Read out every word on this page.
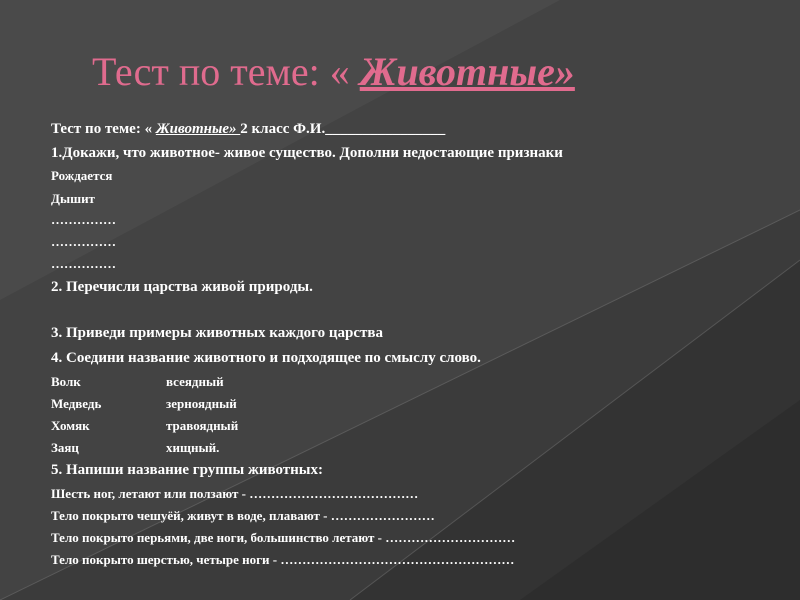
Тест по теме: « Животные»
Тест по теме: « Животные» 2 класс Ф.И.________________
1.Докажи, что животное- живое существо. Дополни недостающие признаки
Рождается
Дышит
……………
……………
……………
2. Перечисли царства живой природы.
3. Приведи примеры животных каждого царства
4. Соедини название животного и подходящее по смыслу слово.
Волк	всеядный
Медведь	зерноядный
Хомяк	травоядный
Заяц	хищный.
5. Напиши название группы животных:
Шесть ног, летают или ползают - …………………………………
Тело покрыто чешуёй, живут в воде, плавают - ……………………
Тело покрыто перьями, две ноги, большинство летают - …………………………
Тело покрыто шерстью, четыре ноги - ………………………………………………
